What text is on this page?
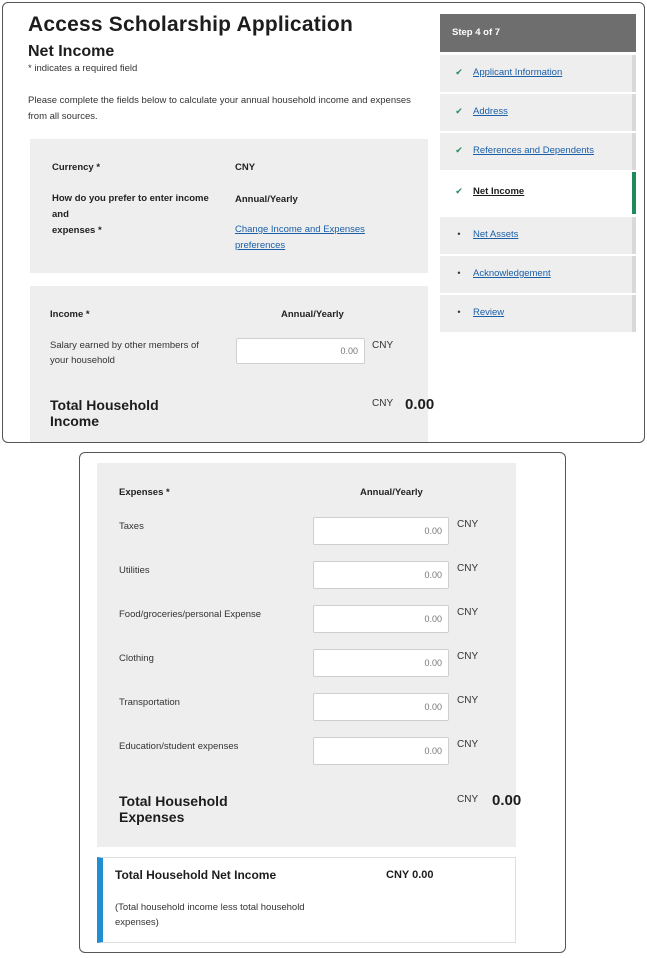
Access Scholarship Application
Net Income
* indicates a required field
Please complete the fields below to calculate your annual household income and expenses from all sources.
Currency *	CNY
How do you prefer to enter income
and
expenses *
Annual/Yearly
Change Income and Expenses
preferences
Income *	Annual/Yearly
Salary earned by other members of
your household
0.00
CNY
Total Household
Income
CNY 0.00
Step 4 of 7
✔ Applicant Information
✔ Address
✔ References and Dependents
✔ Net Income
•	Net Assets
•	Acknowledgement
•	Review
Expenses *	Annual/Yearly
Taxes
0.00	CNY
Utilities
0.00	CNY
Food/groceries/personal Expense
0.00	CNY
Clothing
0.00	CNY
Transportation
0.00	CNY
Education/student expenses
0.00	CNY
Total Household
Expenses
CNY 0.00
Total Household Net Income	CNY 0.00
(Total household income less total household
expenses)
